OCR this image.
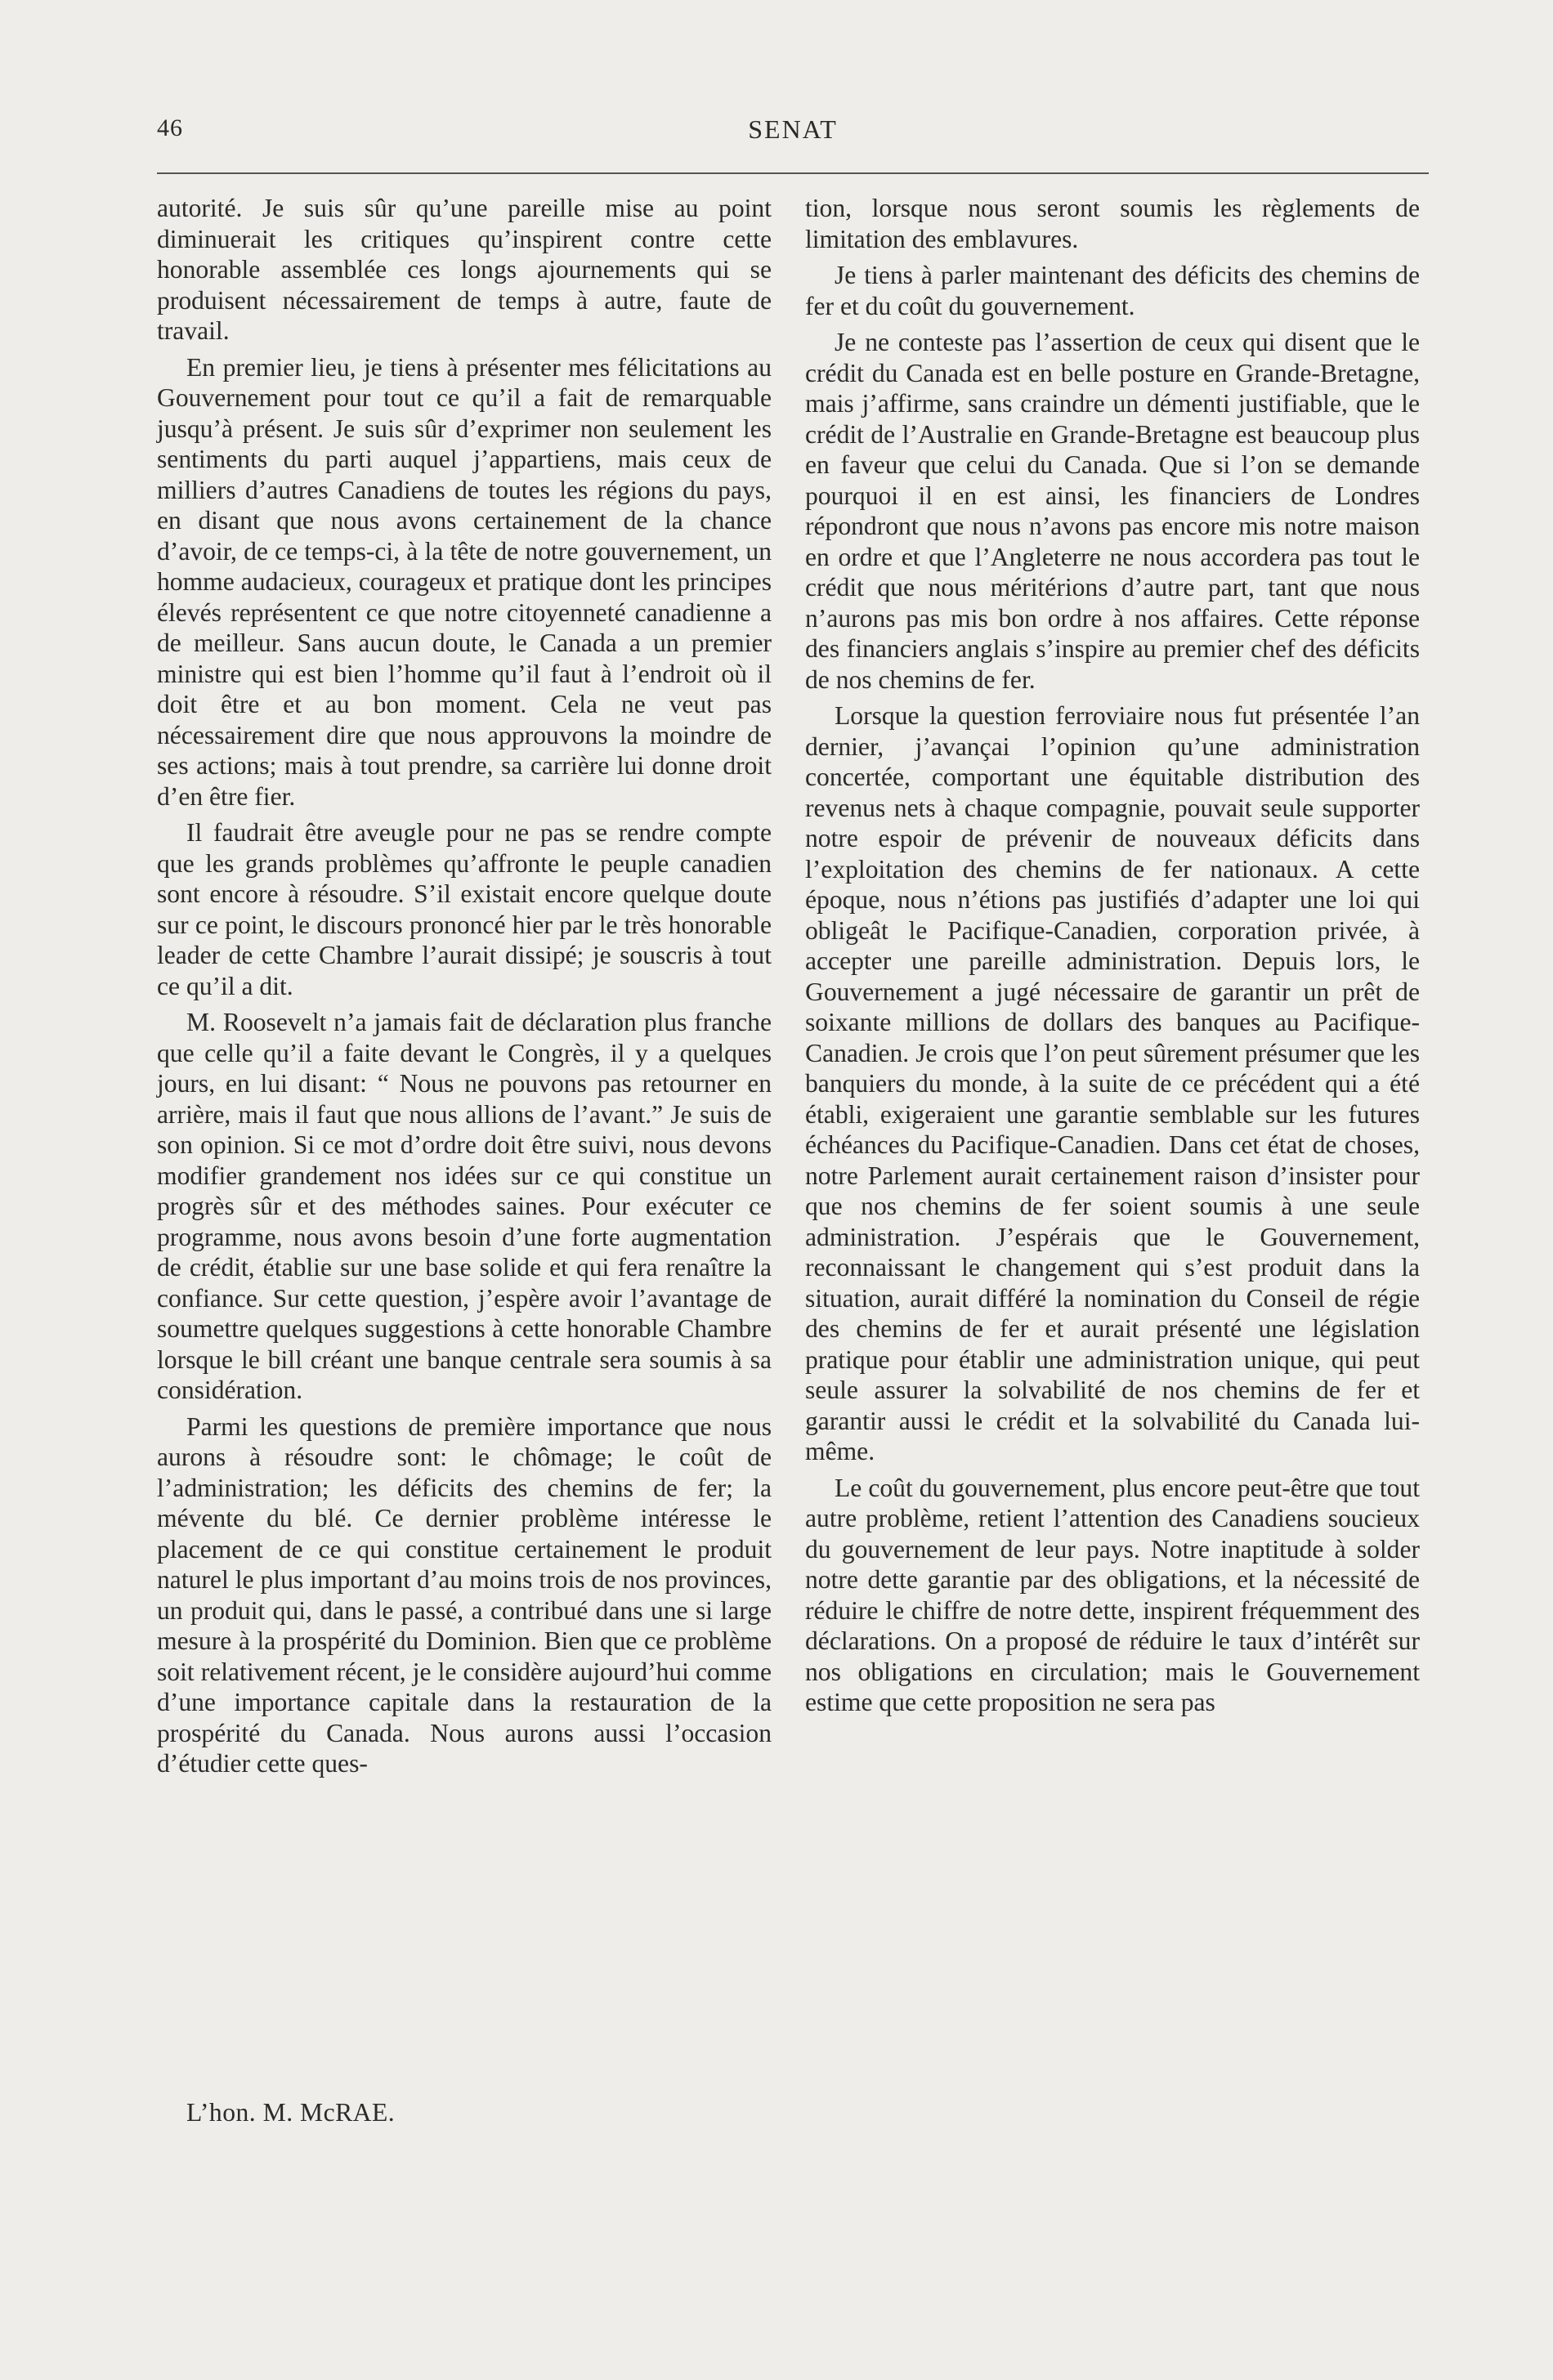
46	SENAT

autorité. Je suis sûr qu’une pareille mise au point diminuerait les critiques qu’inspirent contre cette honorable assemblée ces longs ajournements qui se produisent nécessairement de temps à autre, faute de travail.

En premier lieu, je tiens à présenter mes félicitations au Gouvernement pour tout ce qu’il a fait de remarquable jusqu’à présent. Je suis sûr d’exprimer non seulement les sentiments du parti auquel j’appartiens, mais ceux de milliers d’autres Canadiens de toutes les régions du pays, en disant que nous avons certainement de la chance d’avoir, de ce temps-ci, à la tête de notre gouvernement, un homme audacieux, courageux et pratique dont les principes élevés représentent ce que notre citoyenneté canadienne a de meilleur. Sans aucun doute, le Canada a un premier ministre qui est bien l’homme qu’il faut à l’endroit où il doit être et au bon moment. Cela ne veut pas nécessairement dire que nous approuvons la moindre de ses actions; mais à tout prendre, sa carrière lui donne droit d’en être fier.

Il faudrait être aveugle pour ne pas se rendre compte que les grands problèmes qu’affronte le peuple canadien sont encore à résoudre. S’il existait encore quelque doute sur ce point, le discours prononcé hier par le très honorable leader de cette Chambre l’aurait dissipé; je souscris à tout ce qu’il a dit.

M. Roosevelt n’a jamais fait de déclaration plus franche que celle qu’il a faite devant le Congrès, il y a quelques jours, en lui disant: “ Nous ne pouvons pas retourner en arrière, mais il faut que nous allions de l’avant.” Je suis de son opinion. Si ce mot d’ordre doit être suivi, nous devons modifier grandement nos idées sur ce qui constitue un progrès sûr et des méthodes saines. Pour exécuter ce programme, nous avons besoin d’une forte augmentation de crédit, établie sur une base solide et qui fera renaître la confiance. Sur cette question, j’espère avoir l’avantage de soumettre quelques suggestions à cette honorable Chambre lorsque le bill créant une banque centrale sera soumis à sa considération.

Parmi les questions de première importance que nous aurons à résoudre sont: le chômage; le coût de l’administration; les déficits des chemins de fer; la mévente du blé. Ce dernier problème intéresse le placement de ce qui constitue certainement le produit naturel le plus important d’au moins trois de nos provinces, un produit qui, dans le passé, a contribué dans une si large mesure à la prospérité du Dominion. Bien que ce problème soit relativement récent, je le considère aujourd’hui comme d’une importance capitale dans la restauration de la prospérité du Canada. Nous aurons aussi l’occasion d’étudier cette ques-

L’hon. M. McRAE.

tion, lorsque nous seront soumis les règlements de limitation des emblavures.

Je tiens à parler maintenant des déficits des chemins de fer et du coût du gouvernement.

Je ne conteste pas l’assertion de ceux qui disent que le crédit du Canada est en belle posture en Grande-Bretagne, mais j’affirme, sans craindre un démenti justifiable, que le crédit de l’Australie en Grande-Bretagne est beaucoup plus en faveur que celui du Canada. Que si l’on se demande pourquoi il en est ainsi, les financiers de Londres répondront que nous n’avons pas encore mis notre maison en ordre et que l’Angleterre ne nous accordera pas tout le crédit que nous méritérions d’autre part, tant que nous n’aurons pas mis bon ordre à nos affaires. Cette réponse des financiers anglais s’inspire au premier chef des déficits de nos chemins de fer.

Lorsque la question ferroviaire nous fut présentée l’an dernier, j’avançai l’opinion qu’une administration concertée, comportant une équitable distribution des revenus nets à chaque compagnie, pouvait seule supporter notre espoir de prévenir de nouveaux déficits dans l’exploitation des chemins de fer nationaux. A cette époque, nous n’étions pas justifiés d’adapter une loi qui obligeât le Pacifique-Canadien, corporation privée, à accepter une pareille administration. Depuis lors, le Gouvernement a jugé nécessaire de garantir un prêt de soixante millions de dollars des banques au Pacifique-Canadien. Je crois que l’on peut sûrement présumer que les banquiers du monde, à la suite de ce précédent qui a été établi, exigeraient une garantie semblable sur les futures échéances du Pacifique-Canadien. Dans cet état de choses, notre Parlement aurait certainement raison d’insister pour que nos chemins de fer soient soumis à une seule administration. J’espérais que le Gouvernement, reconnaissant le changement qui s’est produit dans la situation, aurait différé la nomination du Conseil de régie des chemins de fer et aurait présenté une législation pratique pour établir une administration unique, qui peut seule assurer la solvabilité de nos chemins de fer et garantir aussi le crédit et la solvabilité du Canada lui-même.

Le coût du gouvernement, plus encore peut-être que tout autre problème, retient l’attention des Canadiens soucieux du gouvernement de leur pays. Notre inaptitude à solder notre dette garantie par des obligations, et la nécessité de réduire le chiffre de notre dette, inspirent fréquemment des déclarations. On a proposé de réduire le taux d’intérêt sur nos obligations en circulation; mais le Gouvernement estime que cette proposition ne sera pas
